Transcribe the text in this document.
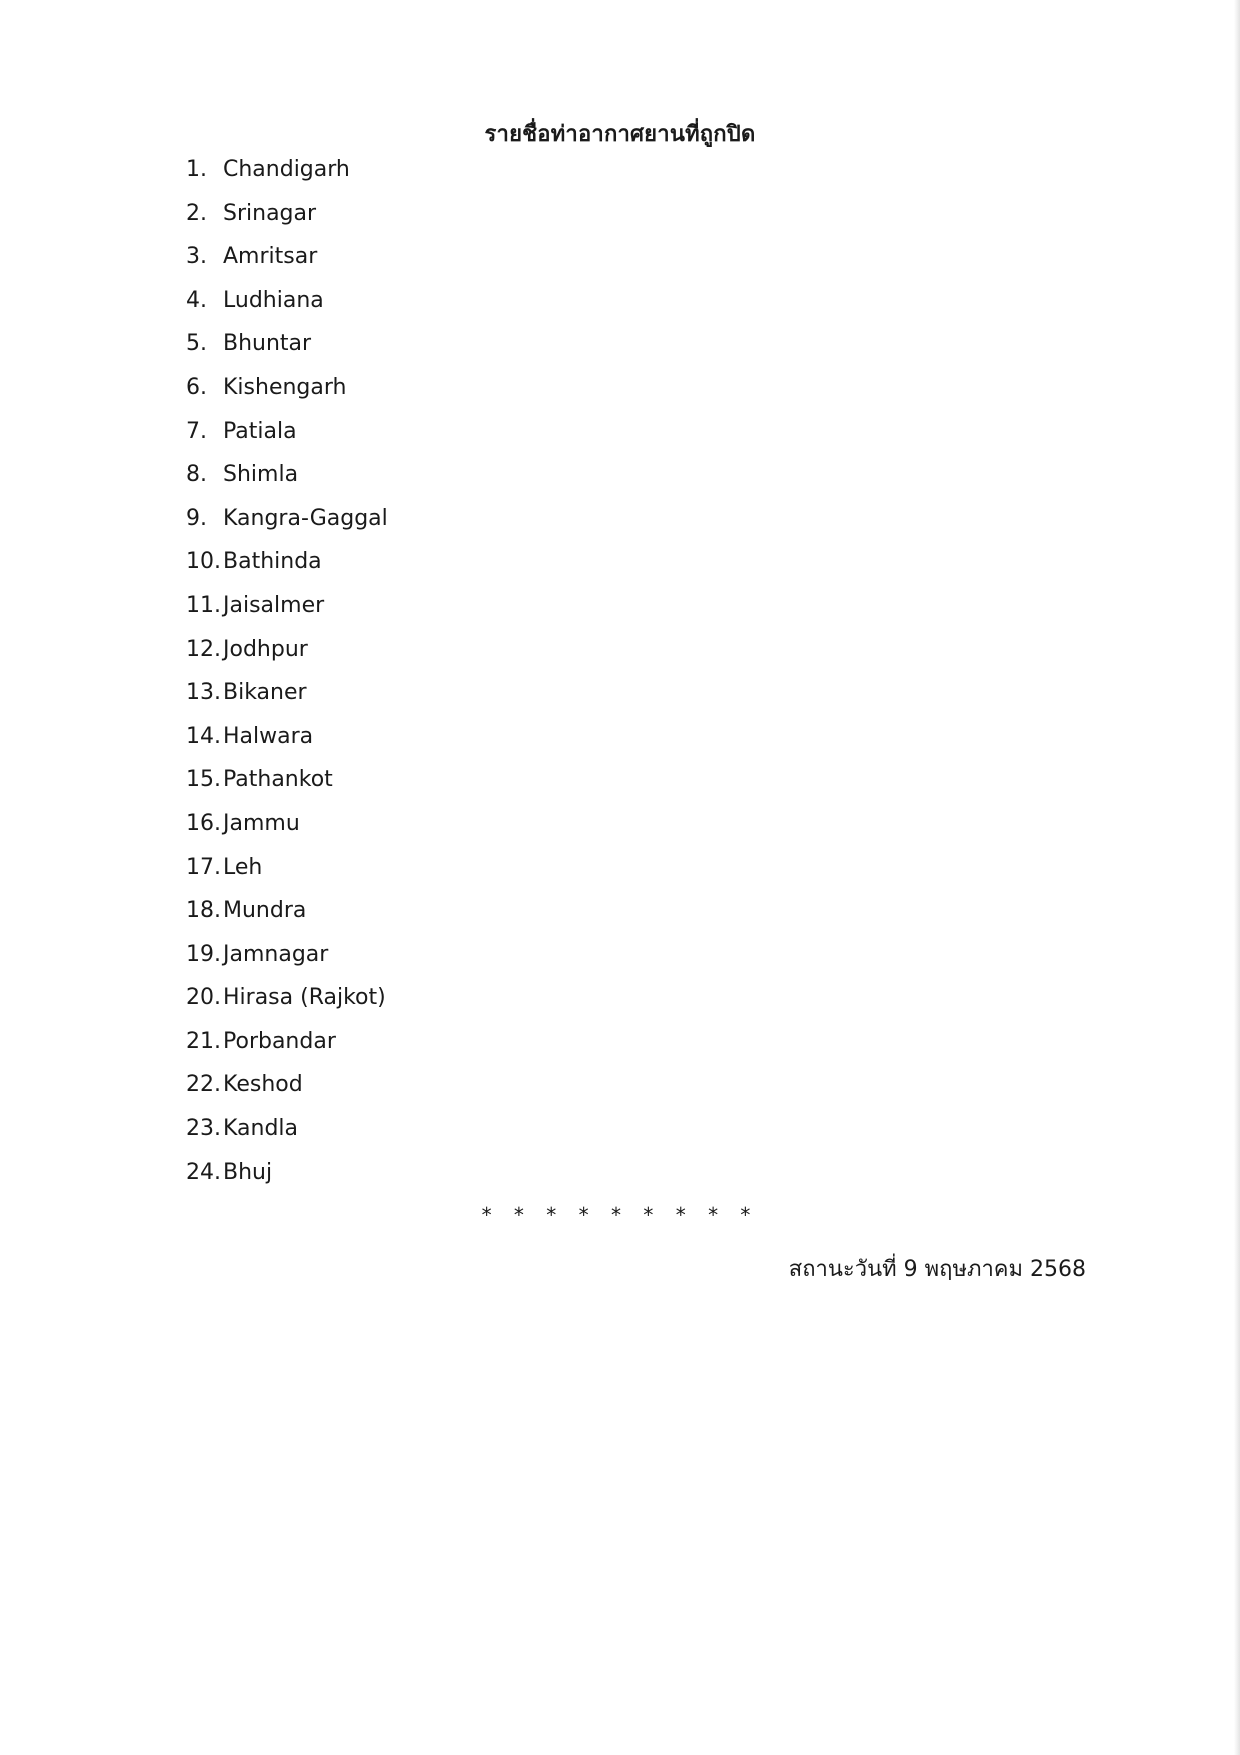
รายชื่อท่าอากาศยานที่ถูกปิด
1. Chandigarh
2. Srinagar
3. Amritsar
4. Ludhiana
5. Bhuntar
6. Kishengarh
7. Patiala
8. Shimla
9. Kangra-Gaggal
10.Bathinda
11.Jaisalmer
12.Jodhpur
13.Bikaner
14.Halwara
15.Pathankot
16.Jammu
17.Leh
18.Mundra
19.Jamnagar
20.Hirasa (Rajkot)
21.Porbandar
22.Keshod
23.Kandla
24.Bhuj

* * * * * * * * *

สถานะวันที่ 9 พฤษภาคม 2568
